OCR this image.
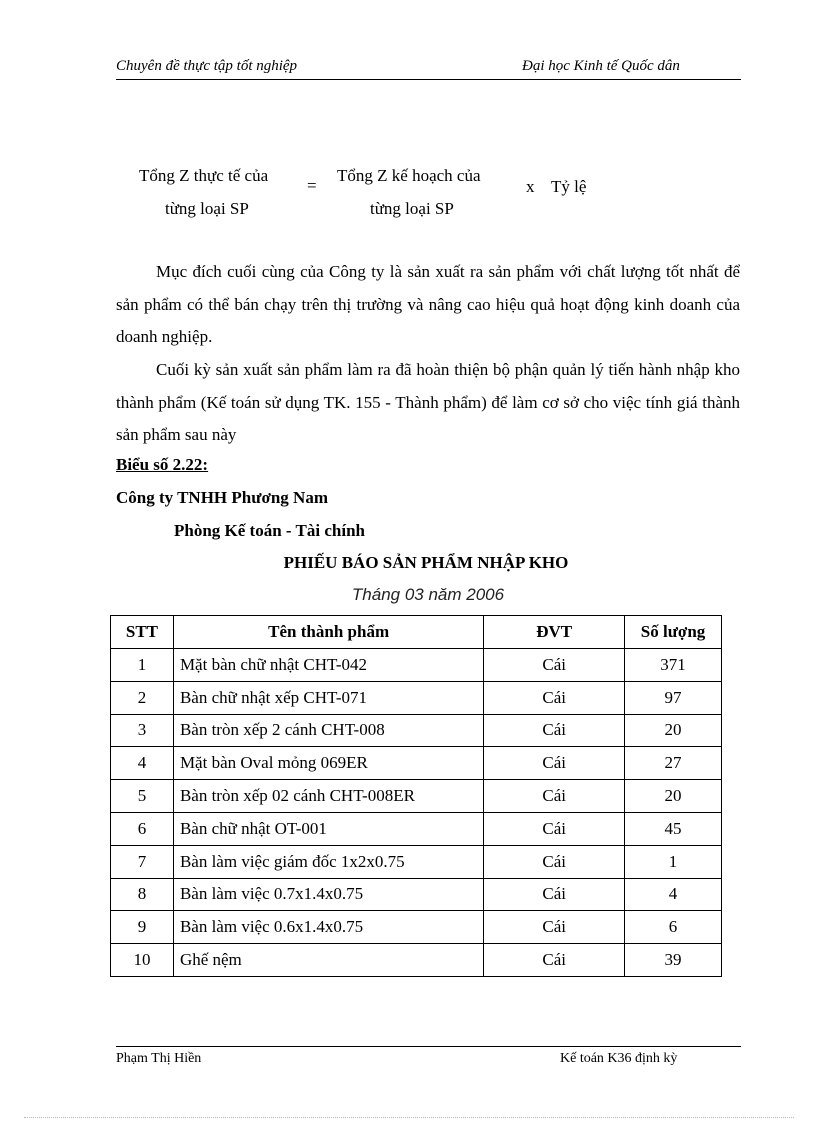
Chuyên đề thực tập tốt nghiệp	Đại học Kinh tế Quốc dân
Tổng Z thực tế của
từng loại SP
=
Tổng Z kế hoạch của
từng loại SP
x Tỷ lệ
Mục đích cuối cùng của Công ty là sản xuất ra sản phẩm với chất lượng tốt nhất để sản phẩm có thể bán chạy trên thị trường và nâng cao hiệu quả hoạt động kinh doanh của doanh nghiệp.
Cuối kỳ sản xuất sản phẩm làm ra đã hoàn thiện bộ phận quản lý tiến hành nhập kho thành phẩm (Kế toán sử dụng TK. 155 - Thành phẩm) để làm cơ sở cho việc tính giá thành sản phẩm sau này
Biểu số 2.22:
Công ty TNHH Phương Nam
Phòng Kế toán - Tài chính
PHIẾU BÁO SẢN PHẨM NHẬP KHO
Tháng 03 năm 2006
STT	Tên thành phẩm	ĐVT	Số lượng
1	Mặt bàn chữ nhật CHT-042	Cái	371
2	Bàn chữ nhật xếp CHT-071	Cái	97
3	Bàn tròn xếp 2 cánh CHT-008	Cái	20
4	Mặt bàn Oval mỏng 069ER	Cái	27
5	Bàn tròn xếp 02 cánh CHT-008ER	Cái	20
6	Bàn chữ nhật OT-001	Cái	45
7	Bàn làm việc giám đốc 1x2x0.75	Cái	1
8	Bàn làm việc 0.7x1.4x0.75	Cái	4
9	Bàn làm việc 0.6x1.4x0.75	Cái	6
10	Ghế nệm	Cái	39
Phạm Thị Hiền	Kế toán K36 định kỳ
